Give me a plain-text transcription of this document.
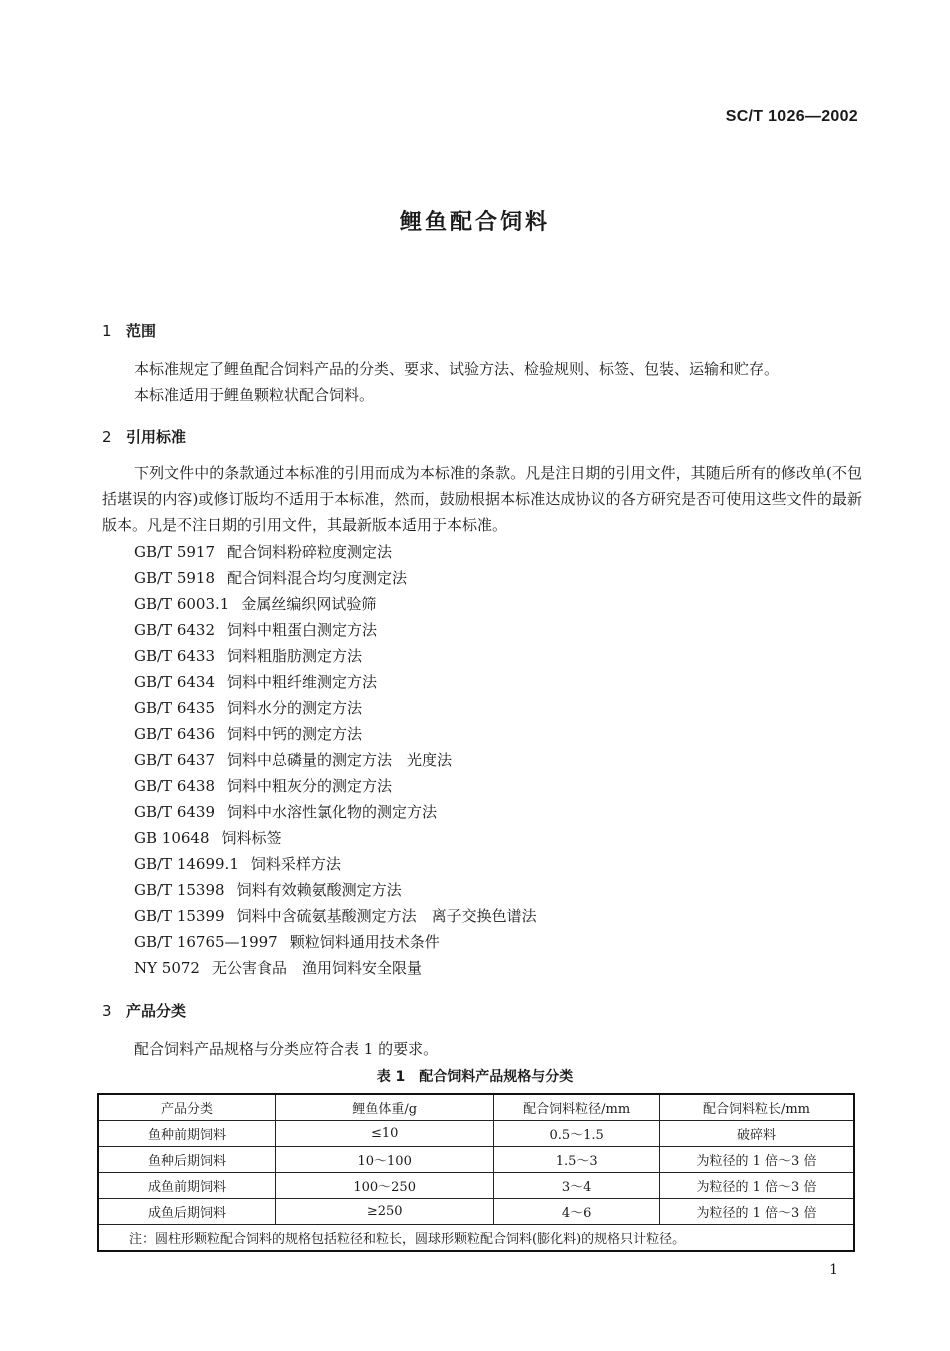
SC/T 1026—2002
鲤鱼配合饲料
1 范围
本标准规定了鲤鱼配合饲料产品的分类、要求、试验方法、检验规则、标签、包装、运输和贮存。
本标准适用于鲤鱼颗粒状配合饲料。
2 引用标准
下列文件中的条款通过本标准的引用而成为本标准的条款。凡是注日期的引用文件，其随后所有的修改单(不包括堪误的内容)或修订版均不适用于本标准，然而，鼓励根据本标准达成协议的各方研究是否可使用这些文件的最新版本。凡是不注日期的引用文件，其最新版本适用于本标准。
GB/T 5917 配合饲料粉碎粒度测定法
GB/T 5918 配合饲料混合均匀度测定法
GB/T 6003.1 金属丝编织网试验筛
GB/T 6432 饲料中粗蛋白测定方法
GB/T 6433 饲料粗脂肪测定方法
GB/T 6434 饲料中粗纤维测定方法
GB/T 6435 饲料水分的测定方法
GB/T 6436 饲料中钙的测定方法
GB/T 6437 饲料中总磷量的测定方法　光度法
GB/T 6438 饲料中粗灰分的测定方法
GB/T 6439 饲料中水溶性氯化物的测定方法
GB 10648 饲料标签
GB/T 14699.1 饲料采样方法
GB/T 15398 饲料有效赖氨酸测定方法
GB/T 15399 饲料中含硫氨基酸测定方法　离子交换色谱法
GB/T 16765—1997 颗粒饲料通用技术条件
NY 5072 无公害食品　渔用饲料安全限量
3 产品分类
配合饲料产品规格与分类应符合表 1 的要求。
表 1　配合饲料产品规格与分类
产品分类	鲤鱼体重/g	配合饲料粒径/mm	配合饲料粒长/mm
鱼种前期饲料	≤10	0.5～1.5	破碎料
鱼种后期饲料	10～100	1.5～3	为粒径的 1 倍～3 倍
成鱼前期饲料	100～250	3～4	为粒径的 1 倍～3 倍
成鱼后期饲料	≥250	4～6	为粒径的 1 倍～3 倍
注：圆柱形颗粒配合饲料的规格包括粒径和粒长，圆球形颗粒配合饲料(膨化料)的规格只计粒径。			
1
